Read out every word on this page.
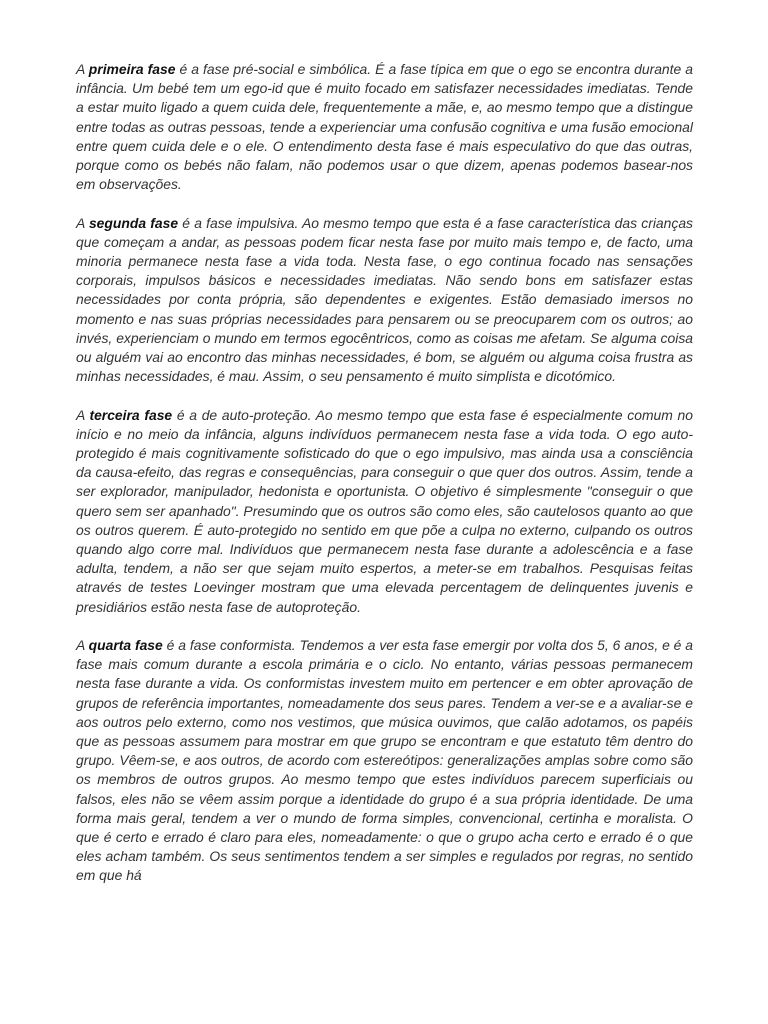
A primeira fase é a fase pré-social e simbólica. É a fase típica em que o ego se encontra durante a infância. Um bebé tem um ego-id que é muito focado em satisfazer necessidades imediatas. Tende a estar muito ligado a quem cuida dele, frequentemente a mãe, e, ao mesmo tempo que a distingue entre todas as outras pessoas, tende a experienciar uma confusão cognitiva e uma fusão emocional entre quem cuida dele e o ele. O entendimento desta fase é mais especulativo do que das outras, porque como os bebés não falam, não podemos usar o que dizem, apenas podemos basear-nos em observações.

A segunda fase é a fase impulsiva. Ao mesmo tempo que esta é a fase característica das crianças que começam a andar, as pessoas podem ficar nesta fase por muito mais tempo e, de facto, uma minoria permanece nesta fase a vida toda. Nesta fase, o ego continua focado nas sensações corporais, impulsos básicos e necessidades imediatas. Não sendo bons em satisfazer estas necessidades por conta própria, são dependentes e exigentes. Estão demasiado imersos no momento e nas suas próprias necessidades para pensarem ou se preocuparem com os outros; ao invés, experienciam o mundo em termos egocêntricos, como as coisas me afetam. Se alguma coisa ou alguém vai ao encontro das minhas necessidades, é bom, se alguém ou alguma coisa frustra as minhas necessidades, é mau. Assim, o seu pensamento é muito simplista e dicotómico.

A terceira fase é a de auto-proteção. Ao mesmo tempo que esta fase é especialmente comum no início e no meio da infância, alguns indivíduos permanecem nesta fase a vida toda. O ego auto-protegido é mais cognitivamente sofisticado do que o ego impulsivo, mas ainda usa a consciência da causa-efeito, das regras e consequências, para conseguir o que quer dos outros. Assim, tende a ser explorador, manipulador, hedonista e oportunista. O objetivo é simplesmente "conseguir o que quero sem ser apanhado". Presumindo que os outros são como eles, são cautelosos quanto ao que os outros querem. É auto-protegido no sentido em que põe a culpa no externo, culpando os outros quando algo corre mal. Indivíduos que permanecem nesta fase durante a adolescência e a fase adulta, tendem, a não ser que sejam muito espertos, a meter-se em trabalhos. Pesquisas feitas através de testes Loevinger mostram que uma elevada percentagem de delinquentes juvenis e presidiários estão nesta fase de autoproteção.

A quarta fase é a fase conformista. Tendemos a ver esta fase emergir por volta dos 5, 6 anos, e é a fase mais comum durante a escola primária e o ciclo. No entanto, várias pessoas permanecem nesta fase durante a vida. Os conformistas investem muito em pertencer e em obter aprovação de grupos de referência importantes, nomeadamente dos seus pares. Tendem a ver-se e a avaliar-se e aos outros pelo externo, como nos vestimos, que música ouvimos, que calão adotamos, os papéis que as pessoas assumem para mostrar em que grupo se encontram e que estatuto têm dentro do grupo. Vêem-se, e aos outros, de acordo com estereótipos: generalizações amplas sobre como são os membros de outros grupos. Ao mesmo tempo que estes indivíduos parecem superficiais ou falsos, eles não se vêem assim porque a identidade do grupo é a sua própria identidade. De uma forma mais geral, tendem a ver o mundo de forma simples, convencional, certinha e moralista. O que é certo e errado é claro para eles, nomeadamente: o que o grupo acha certo e errado é o que eles acham também. Os seus sentimentos tendem a ser simples e regulados por regras, no sentido em que há
